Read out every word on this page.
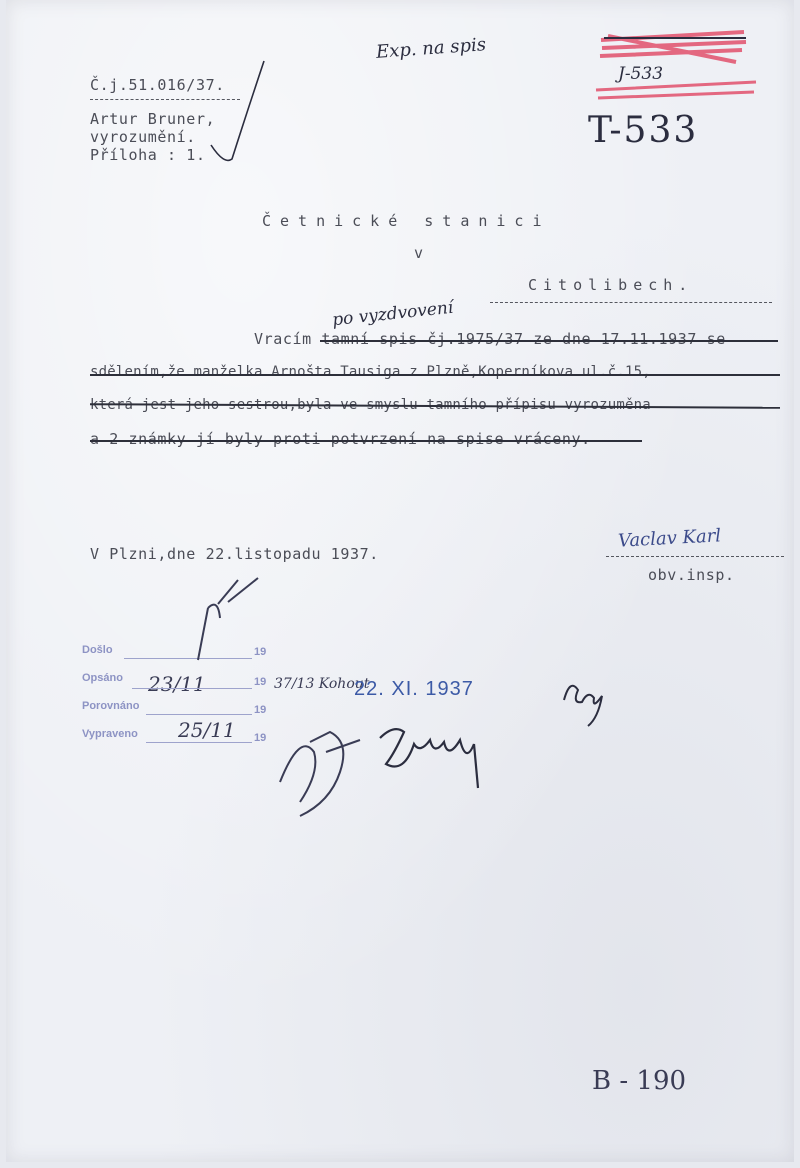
Č.j.51.016/37.
Artur Bruner,
vyrozumění.
Příloha : 1.
Exp. na spis
J-533
T-533
Četnické stanici
v
Citolibech.
po vyzdvovení
Vracím tamní spis čj.1975/37 ze dne 17.11.1937 se
sdělením,že manželka Arnošta Tausiga z Plzně,Koperníkova ul.č.15,
která jest jeho sestrou,byla ve smyslu tamního přípisu vyrozuměna
a 2 známky jí byly proti potvrzení na spise vráceny.
V Plzni,dne 22.listopadu 1937.
Vaclav Karl
obv.insp.
Došlo	19
Opsáno 23/11	19
Porovnáno	19
Vypraveno 25/11 19
37/13 Kohout
22. XI. 1937
B - 190
